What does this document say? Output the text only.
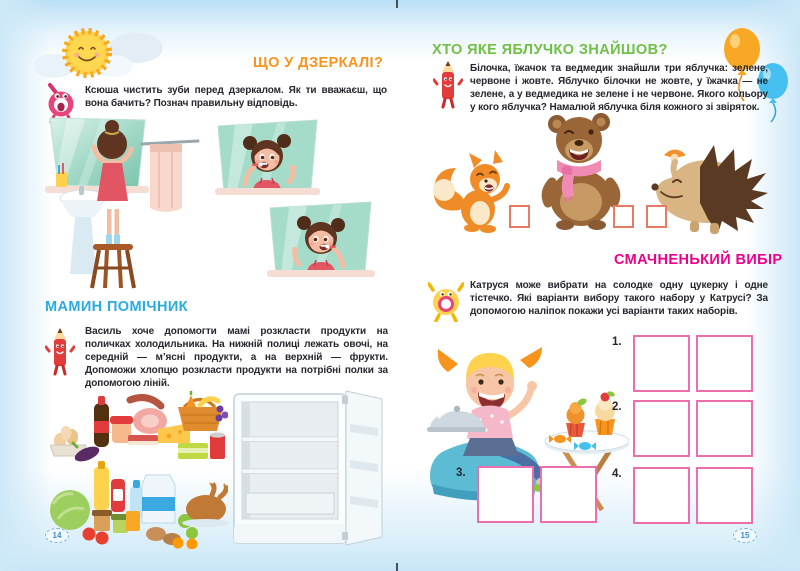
ЩО У ДЗЕРКАЛІ?
Ксюша чистить зуби перед дзеркалом. Як ти вважаєш, що вона бачить? Познач правильну відповідь.
МАМИН ПОМІЧНИК
Василь хоче допомогти мамі розкласти продукти на поличках холодильника. На нижній полиці лежать овочі, на середній — м’ясні продукти, а на верхній — фрукти. Допоможи хлопцю розкласти продукти на потрібні полки за допомогою ліній.
14
ХТО ЯКЕ ЯБЛУЧКО ЗНАЙШОВ?
Білочка, їжачок та ведмедик знайшли три яблучка: зелене, червоне і жовте. Яблучко білочки не жовте, у їжачка — не зелене, а у ведмедика не зелене і не червоне. Якого кольору у кого яблучка? Намалюй яблучка біля кожного зі звіряток.
СМАЧНЕНЬКИЙ ВИБІР
Катруся може вибрати на солодке одну цукерку і одне тістечко. Які варіанти вибору такого набору у Катрусі? За допомогою наліпок покажи усі варіанти таких наборів.
1.
2.
3.	4.
15
